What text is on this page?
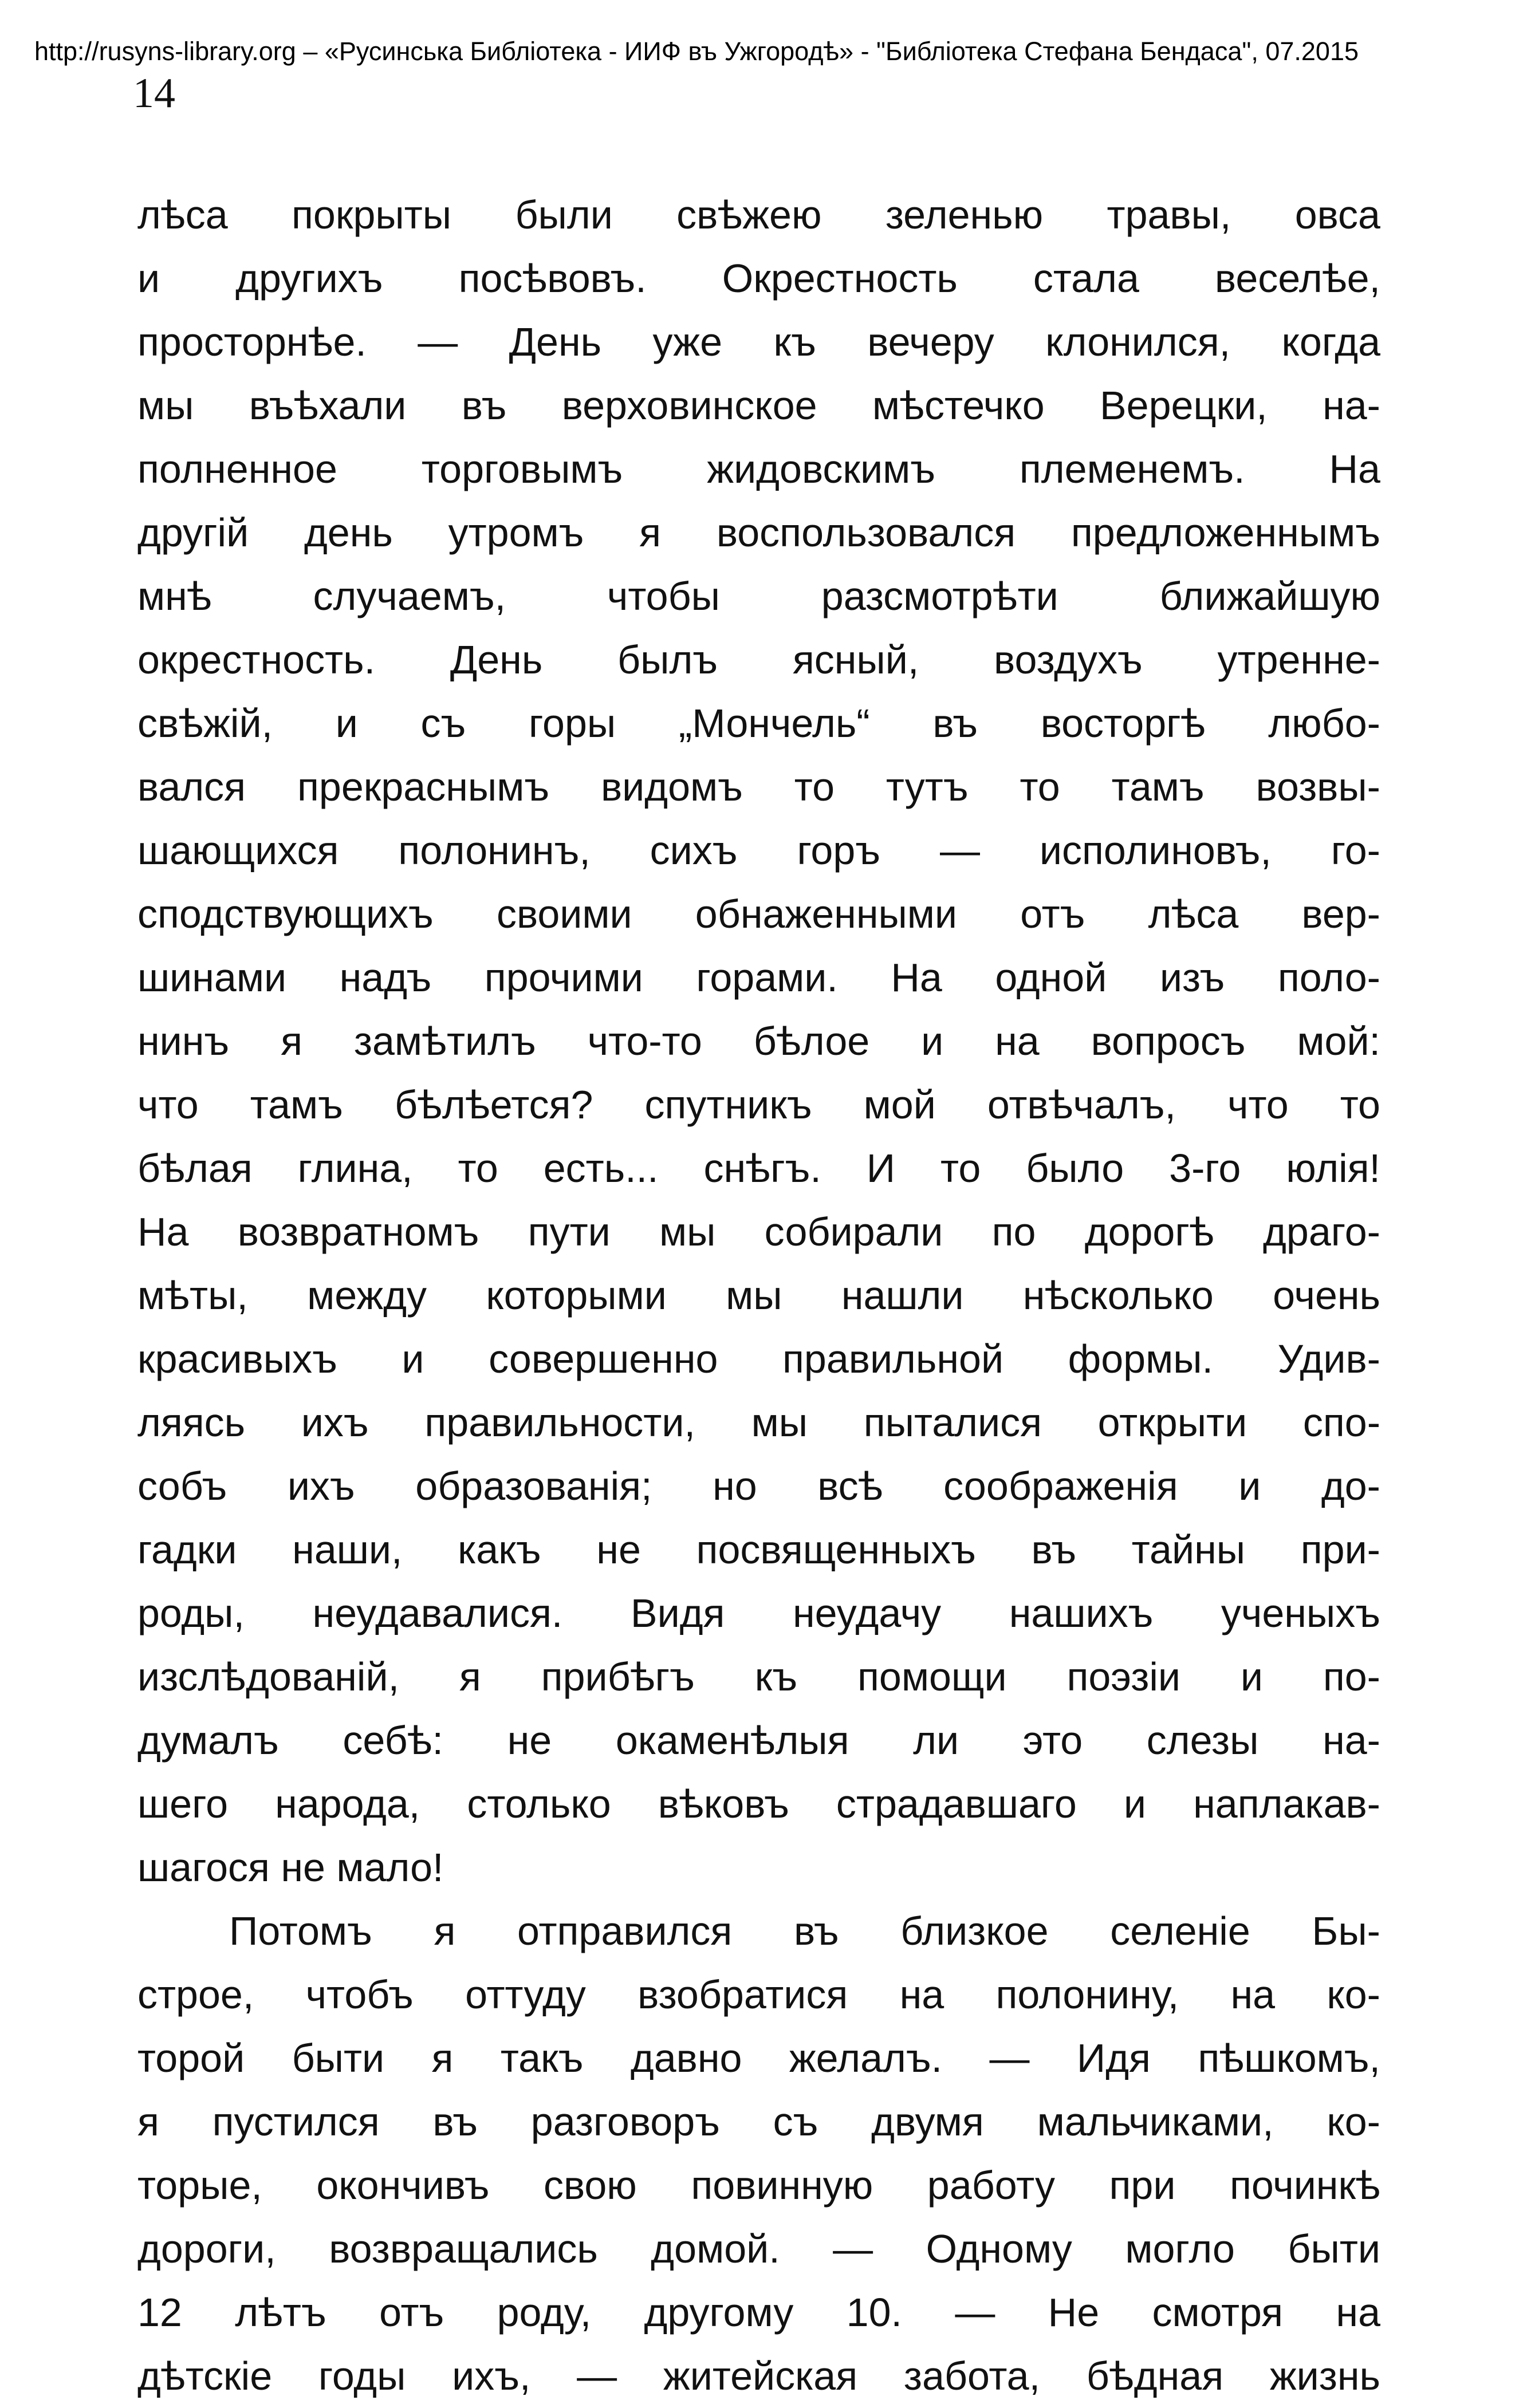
http://rusyns-library.org – «Русинська Библіотека - ИИФ въ Ужгородѣ» - "Библіотека Стефана Бендаса", 07.2015
14
лѣса покрыты были свѣжею зеленью травы, овса
и другихъ посѣвовъ. Окрестность стала веселѣе,
просторнѣе. — День уже къ вечеру клонился, когда
мы въѣхали въ верховинское мѣстечко Верецки, на-
полненное торговымъ жидовскимъ племенемъ. На
другій день утромъ я воспользовался предложеннымъ
мнѣ случаемъ, чтобы разсмотрѣти ближайшую
окрестность. День былъ ясный, воздухъ утренне-
свѣжій, и съ горы „Мончель“ въ восторгѣ любо-
вался прекраснымъ видомъ то тутъ то тамъ возвы-
шающихся полонинъ, сихъ горъ — исполиновъ, го-
сподствующихъ своими обнаженными отъ лѣса вер-
шинами надъ прочими горами. На одной изъ поло-
нинъ я замѣтилъ что-то бѣлое и на вопросъ мой:
что тамъ бѣлѣется? спутникъ мой отвѣчалъ, что то
бѣлая глина, то есть... снѣгъ. И то было 3-го юлія!
На возвратномъ пути мы собирали по дорогѣ драго-
мѣты, между которыми мы нашли нѣсколько очень
красивыхъ и совершенно правильной формы. Удив-
ляясь ихъ правильности, мы пыталися открыти спо-
собъ ихъ образованія; но всѣ соображенія и до-
гадки наши, какъ не посвященныхъ въ тайны при-
роды, неудавалися. Видя неудачу нашихъ ученыхъ
изслѣдованій, я прибѣгъ къ помощи поэзіи и по-
думалъ себѣ: не окаменѣлыя ли это слезы на-
шего народа, столько вѣковъ страдавшаго и наплакав-
шагося не мало!
Потомъ я отправился въ близкое селеніе Бы-
строе, чтобъ оттуду взобратися на полонину, на ко-
торой быти я такъ давно желалъ. — Идя пѣшкомъ,
я пустился въ разговоръ съ двумя мальчиками, ко-
торые, окончивъ свою повинную работу при починкѣ
дороги, возвращались домой. — Одному могло быти
12 лѣтъ отъ роду, другому 10. — Не смотря на
дѣтскіе годы ихъ, — житейская забота, бѣдная жизнь
